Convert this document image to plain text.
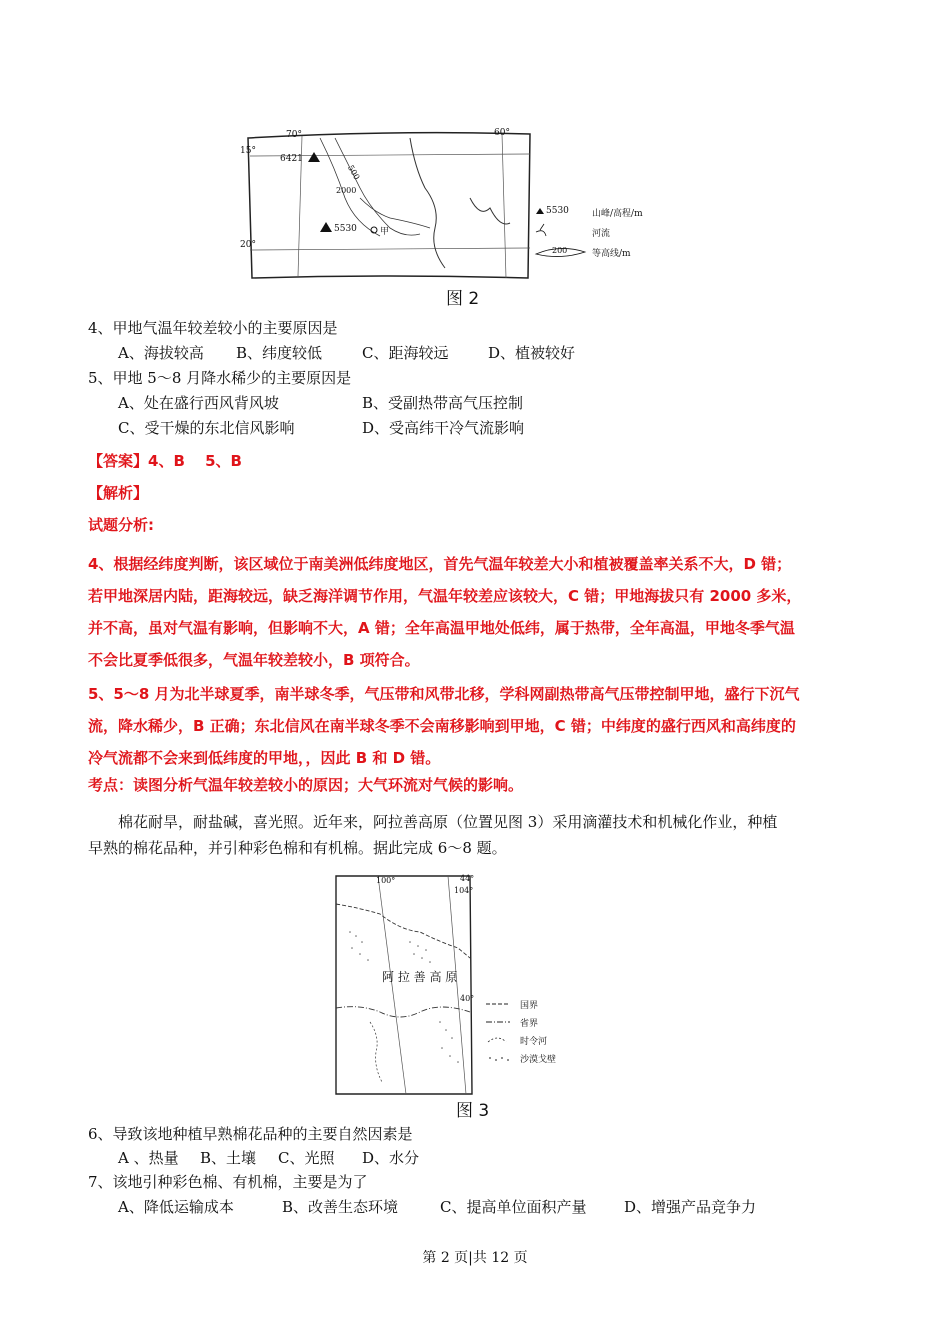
70°	60°
15°
20°
6421
5530
500
2000
甲
5530	山峰/高程/m
河流
200	等高线/m
图 2
4、甲地气温年较差较小的主要原因是
A、海拔较高 B、纬度较低	C、距海较远	D、植被较好
5、甲地 5～8 月降水稀少的主要原因是
A、处在盛行西风背风坡	B、受副热带高气压控制
C、受干燥的东北信风影响	D、受高纬干冷气流影响
【答案】4、B　 5、B
【解析】
试题分析:
4、根据经纬度判断，该区域位于南美洲低纬度地区，首先气温年较差大小和植被覆盖率关系不大，D 错；
若甲地深居内陆，距海较远，缺乏海洋调节作用，气温年较差应该较大，C 错；甲地海拔只有 2000 多米，
并不高，虽对气温有影响，但影响不大，A 错；全年高温甲地处低纬，属于热带，全年高温，甲地冬季气温
不会比夏季低很多，气温年较差较小，B 项符合。
5、5～8 月为北半球夏季，南半球冬季，气压带和风带北移，学科网副热带高气压带控制甲地，盛行下沉气
流，降水稀少，B 正确；东北信风在南半球冬季不会南移影响到甲地，C 错；中纬度的盛行西风和高纬度的
冷气流都不会来到低纬度的甲地，，因此 B 和 D 错。
考点：读图分析气温年较差较小的原因；大气环流对气候的影响。
棉花耐旱，耐盐碱，喜光照。近年来，阿拉善高原（位置见图 3）采用滴灌技术和机械化作业，种植
早熟的棉花品种，并引种彩色棉和有机棉。据此完成 6～8 题。
100°
104°
44°
40°
阿 拉 善 高 原
国界
省界
时令河
沙漠戈壁
图 3
6、导致该地种植早熟棉花品种的主要自然因素是
A 、热量 B、土壤 C、光照 D、水分
7、该地引种彩色棉、有机棉，主要是为了
A、降低运输成本	B、改善生态环境	C、提高单位面积产量	D、增强产品竞争力
第 2 页|共 12 页
